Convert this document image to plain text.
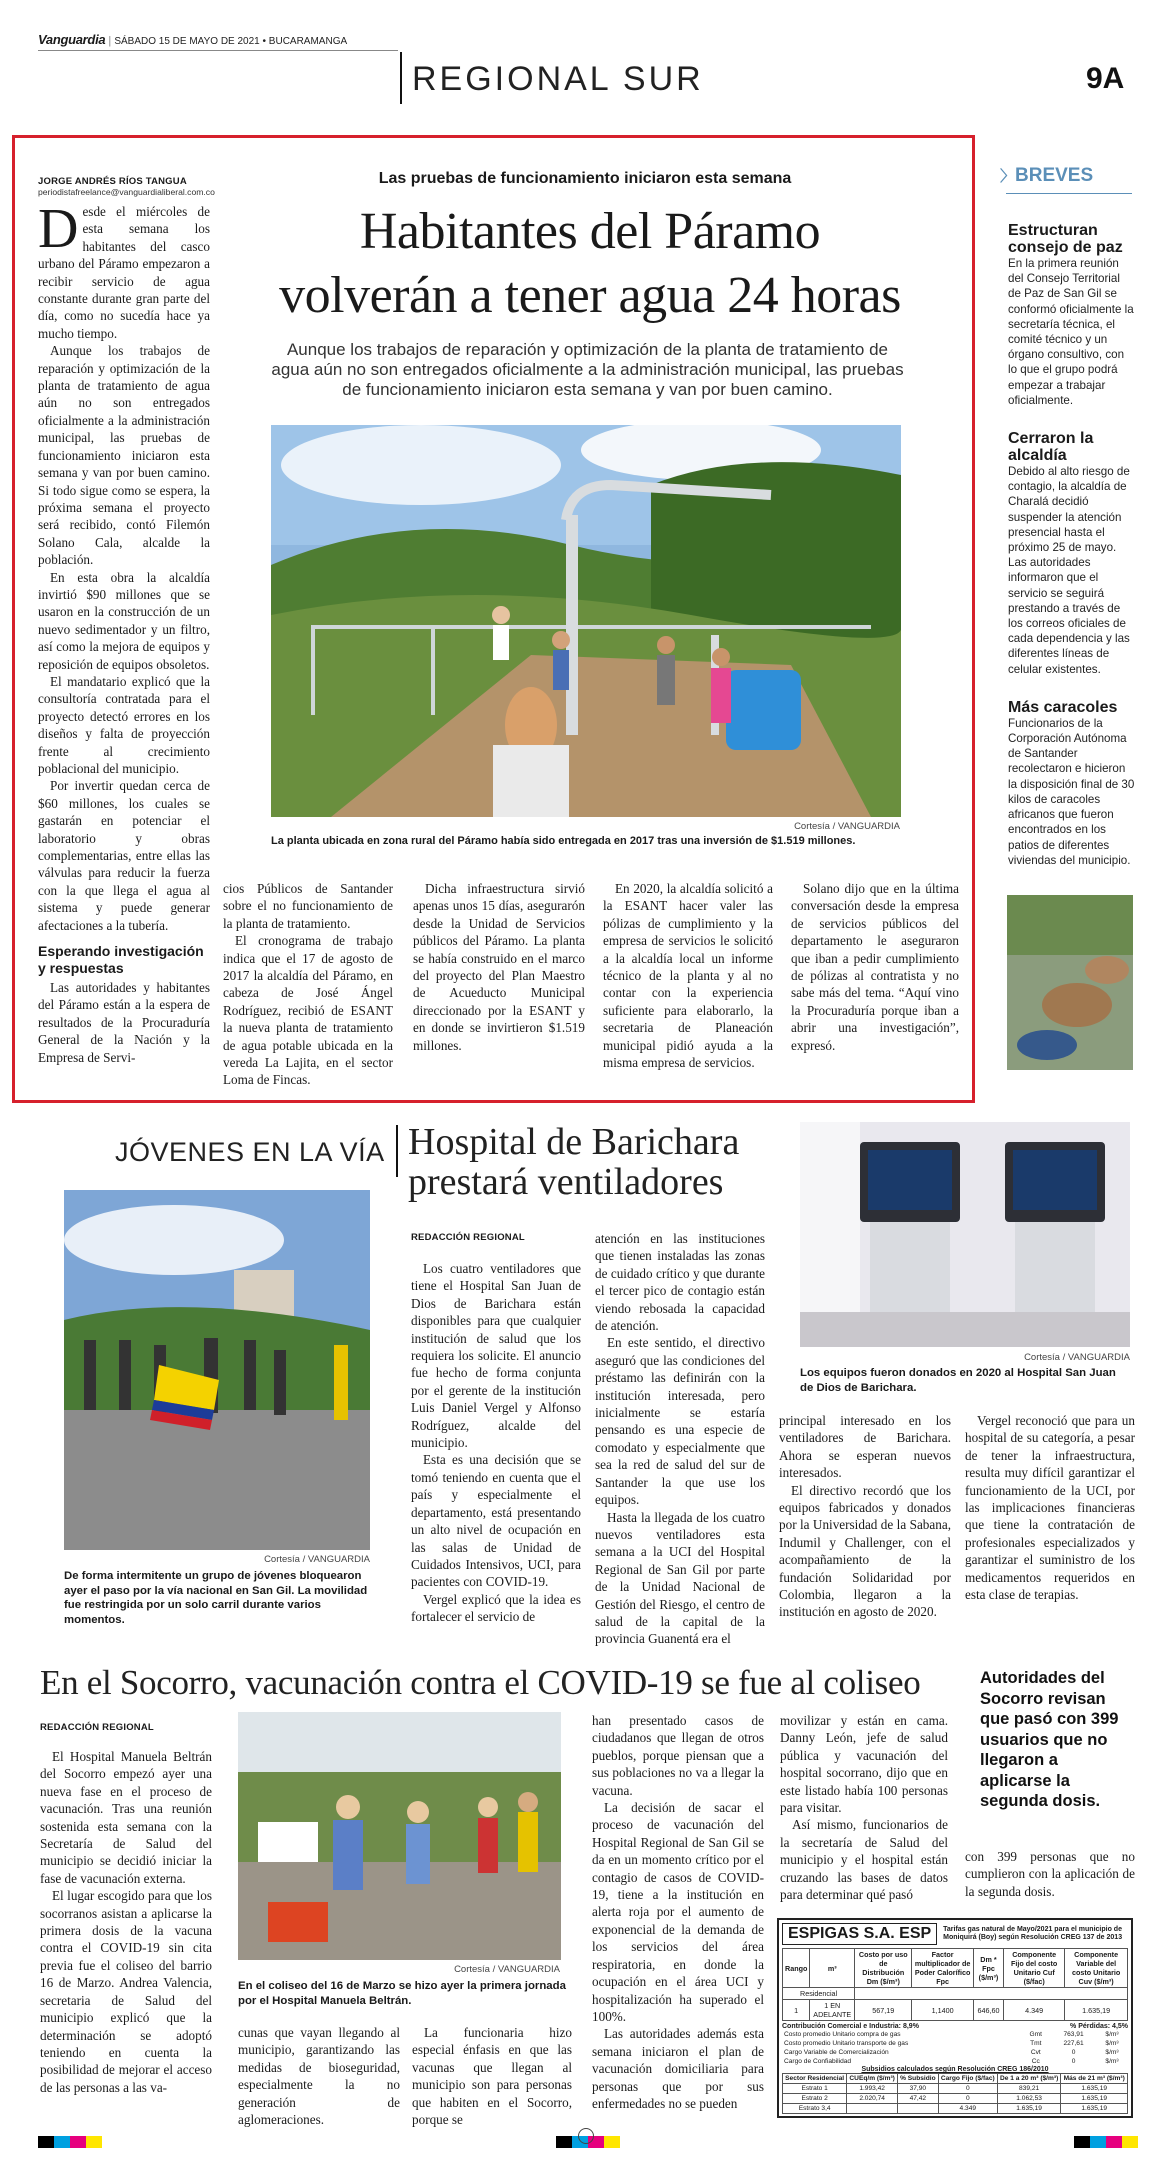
Vanguardia | SÁBADO 15 DE MAYO DE 2021 • BUCARAMANGA
REGIONAL SUR	9A
Las pruebas de funcionamiento iniciaron esta semana
Habitantes del Páramo
volverán a tener agua 24 horas
Aunque los trabajos de reparación y optimización de la planta de tratamiento de agua aún no son entregados oficialmente a la administración municipal, las pruebas de funcionamiento iniciaron esta semana y van por buen camino.
JORGE ANDRÉS RÍOS TANGUA
periodistafreelance@vanguardialiberal.com.co
D esde el miércoles de esta semana los habitantes del casco urbano del Páramo empezaron a recibir servicio de agua constante durante gran parte del día, como no sucedía hace ya mucho tiempo.

Aunque los trabajos de reparación y optimización de la planta de tratamiento de agua aún no son entregados oficialmente a la administración municipal, las pruebas de funcionamiento iniciaron esta semana y van por buen camino. Si todo sigue como se espera, la próxima semana el proyecto será recibido, contó Filemón Solano Cala, alcalde la población.

En esta obra la alcaldía invirtió $90 millones que se usaron en la construcción de un nuevo sedimentador y un filtro, así como la mejora de equipos y reposición de equipos obsoletos.

El mandatario explicó que la consultoría contratada para el proyecto detectó errores en los diseños y falta de proyección frente al crecimiento poblacional del municipio.

Por invertir quedan cerca de $60 millones, los cuales se gastarán en potenciar el laboratorio y obras complementarias, entre ellas las válvulas para reducir la fuerza con la que llega el agua al sistema y puede generar afectaciones a la tubería.

Esperando investigación y respuestas

Las autoridades y habitantes del Páramo están a la espera de resultados de la Procuraduría General de la Nación y la Empresa de Servi-

Cortesía / VANGUARDIA
La planta ubicada en zona rural del Páramo había sido entregada en 2017 tras una inversión de $1.519 millones.
cios Públicos de Santander sobre el no funcionamiento de la planta de tratamiento.

El cronograma de trabajo indica que el 17 de agosto de 2017 la alcaldía del Páramo, en cabeza de José Ángel Rodríguez, recibió de ESANT la nueva planta de tratamiento de agua potable ubicada en la vereda La Lajita, en el sector Loma de Fincas.

Dicha infraestructura sirvió apenas unos 15 días, asegurarón desde la Unidad de Servicios públicos del Páramo. La planta se había construido en el marco del proyecto del Plan Maestro de Acueducto Municipal direccionado por la ESANT y en donde se invirtieron $1.519 millones.

En 2020, la alcaldía solicitó a la ESANT hacer valer las pólizas de cumplimiento y la empresa de servicios le solicitó a la alcaldía local un informe técnico de la planta y al no contar con la experiencia suficiente para elaborarlo, la secretaria de Planeación municipal pidió ayuda a la misma empresa de servicios.

Solano dijo que en la última conversación desde la empresa de servicios públicos del departamento le aseguraron que iban a pedir cumplimiento de pólizas al contratista y no sabe más del tema. “Aquí vino la Procuraduría porque iban a abrir una investigación”, expresó.

〉BREVES
Estructuran consejo de paz
En la primera reunión del Consejo Territorial de Paz de San Gil se conformó oficialmente la secretaría técnica, el comité técnico y un órgano consultivo, con lo que el grupo podrá empezar a trabajar oficialmente.
Cerraron la alcaldía
Debido al alto riesgo de contagio, la alcaldía de Charalá decidió suspender la atención presencial hasta el próximo 25 de mayo. Las autoridades informaron que el servicio se seguirá prestando a través de los correos oficiales de cada dependencia y las diferentes líneas de celular existentes.
Más caracoles
Funcionarios de la Corporación Autónoma de Santander recolectaron e hicieron la disposición final de 30 kilos de caracoles africanos que fueron encontrados en los patios de diferentes viviendas del municipio.
JÓVENES EN LA VÍA
Cortesía / VANGUARDIA
De forma intermitente un grupo de jóvenes bloquearon ayer el paso por la vía nacional en San Gil. La movilidad fue restringida por un solo carril durante varios momentos.
Hospital de Barichara
prestará ventiladores
REDACCIÓN REGIONAL

Los cuatro ventiladores que tiene el Hospital San Juan de Dios de Barichara están disponibles para que cualquier institución de salud que los requiera los solicite. El anuncio fue hecho de forma conjunta por el gerente de la institución Luis Daniel Vergel y Alfonso Rodríguez, alcalde del municipio.

Esta es una decisión que se tomó teniendo en cuenta que el país y especialmente el departamento, está presentando un alto nivel de ocupación en las salas de Unidad de Cuidados Intensivos, UCI, para pacientes con COVID-19.

Vergel explicó que la idea es fortalecer el servicio de

atención en las instituciones que tienen instaladas las zonas de cuidado crítico y que durante el tercer pico de contagio están viendo rebosada la capacidad de atención.

En este sentido, el directivo aseguró que las condiciones del préstamo las definirán con la institución interesada, pero inicialmente se estaría pensando es una especie de comodato y especialmente que sea la red de salud del sur de Santander la que use los equipos.

Hasta la llegada de los cuatro nuevos ventiladores esta semana a la UCI del Hospital Regional de San Gil por parte de la Unidad Nacional de Gestión del Riesgo, el centro de salud de la capital de la provincia Guanentá era el

Cortesía / VANGUARDIA
Los equipos fueron donados en 2020 al Hospital San Juan de Dios de Barichara.
principal interesado en los ventiladores de Barichara. Ahora se esperan nuevos interesados.

El directivo recordó que los equipos fabricados y donados por la Universidad de la Sabana, Indumil y Challenger, con el acompañamiento de la fundación Solidaridad por Colombia, llegaron a la institución en agosto de 2020.

Vergel reconoció que para un hospital de su categoría, a pesar de tener la infraestructura, resulta muy difícil garantizar el funcionamiento de la UCI, por las implicaciones financieras que tiene la contratación de profesionales especializados y garantizar el suministro de los medicamentos requeridos en esta clase de terapias.

En el Socorro, vacunación contra el COVID-19 se fue al coliseo
REDACCIÓN REGIONAL

El Hospital Manuela Beltrán del Socorro empezó ayer una nueva fase en el proceso de vacunación. Tras una reunión sostenida esta semana con la Secretaría de Salud del municipio se decidió iniciar la fase de vacunación externa.

El lugar escogido para que los socorranos asistan a aplicarse la primera dosis de la vacuna contra el COVID-19 sin cita previa fue el coliseo del barrio 16 de Marzo. Andrea Valencia, secretaria de Salud del municipio explicó que la determinación se adoptó teniendo en cuenta la posibilidad de mejorar el acceso de las personas a las va-

Cortesía / VANGUARDIA
En el coliseo del 16 de Marzo se hizo ayer la primera jornada por el Hospital Manuela Beltrán.
cunas que vayan llegando al municipio, garantizando las medidas de bioseguridad, especialmente la no generación de aglomeraciones.

La funcionaria hizo especial énfasis en que las vacunas que llegan al municipio son para personas que habiten en el Socorro, porque se

han presentado casos de ciudadanos que llegan de otros pueblos, porque piensan que a sus poblaciones no va a llegar la vacuna.

La decisión de sacar el proceso de vacunación del Hospital Regional de San Gil se da en un momento crítico por el contagio de casos de COVID-19, tiene a la institución en alerta roja por el aumento de exponencial de la demanda de los servicios del área respiratoria, en donde la ocupación en el área UCI y hospitalización ha superado el 100%.

Las autoridades además esta semana iniciaron el plan de vacunación domiciliaria para personas que por sus enfermedades no se pueden

movilizar y están en cama. Danny León, jefe de salud pública y vacunación del hospital socorrano, dijo que en este listado había 100 personas para visitar.

Así mismo, funcionarios de la secretaría de Salud del municipio y el hospital están cruzando las bases de datos para determinar qué pasó

Autoridades del Socorro revisan que pasó con 399 usuarios que no llegaron a aplicarse la segunda dosis.
con 399 personas que no cumplieron con la aplicación de la segunda dosis.
ESPIGAS S.A. ESP	Tarifas gas natural de Mayo/2021 para el municipio de Moniquirá (Boy) según Resolución CREG 137 de 2013
Rango	m³	Costo por uso de Distribución Dm ($/m³)	Factor multiplicador de Poder Calorífico Fpc	Dm * Fpc ($/m³)	Componente Fijo del costo Unitario Cuf ($/fac)	Componente Variable del costo Unitario Cuv ($/m³)
Residencial						
1	1 EN ADELANTE	567,19	1,1400	646,60	4.349	1.635,19
Contribución Comercial e Industria: 8,9%	% Pérdidas: 4,5%
Costo promedio Unitario compra de gas	Gmt	763,91	$/m³
Costo promedio Unitario transporte de gas	Tmt	227,61	$/m³
Cargo Variable de Comercialización	Cvt	0	$/m³
Cargo de Confiabilidad	Cc	0	$/m³
Subsidios calculados según Resolución CREG 186/2010
Sector Residencial	CUEq/m ($/m³)	% Subsidio	Cargo Fijo ($/fac)	De 1 a 20 m³ ($/m³)	Más de 21 m³ ($/m³)
Estrato 1	1.993,42	37,90	0	839,21	1.635,19
Estrato 2	2.020,74	47,42	0	1.062,53	1.635,19
Estrato 3,4			4.349	1.635,19	1.635,19
